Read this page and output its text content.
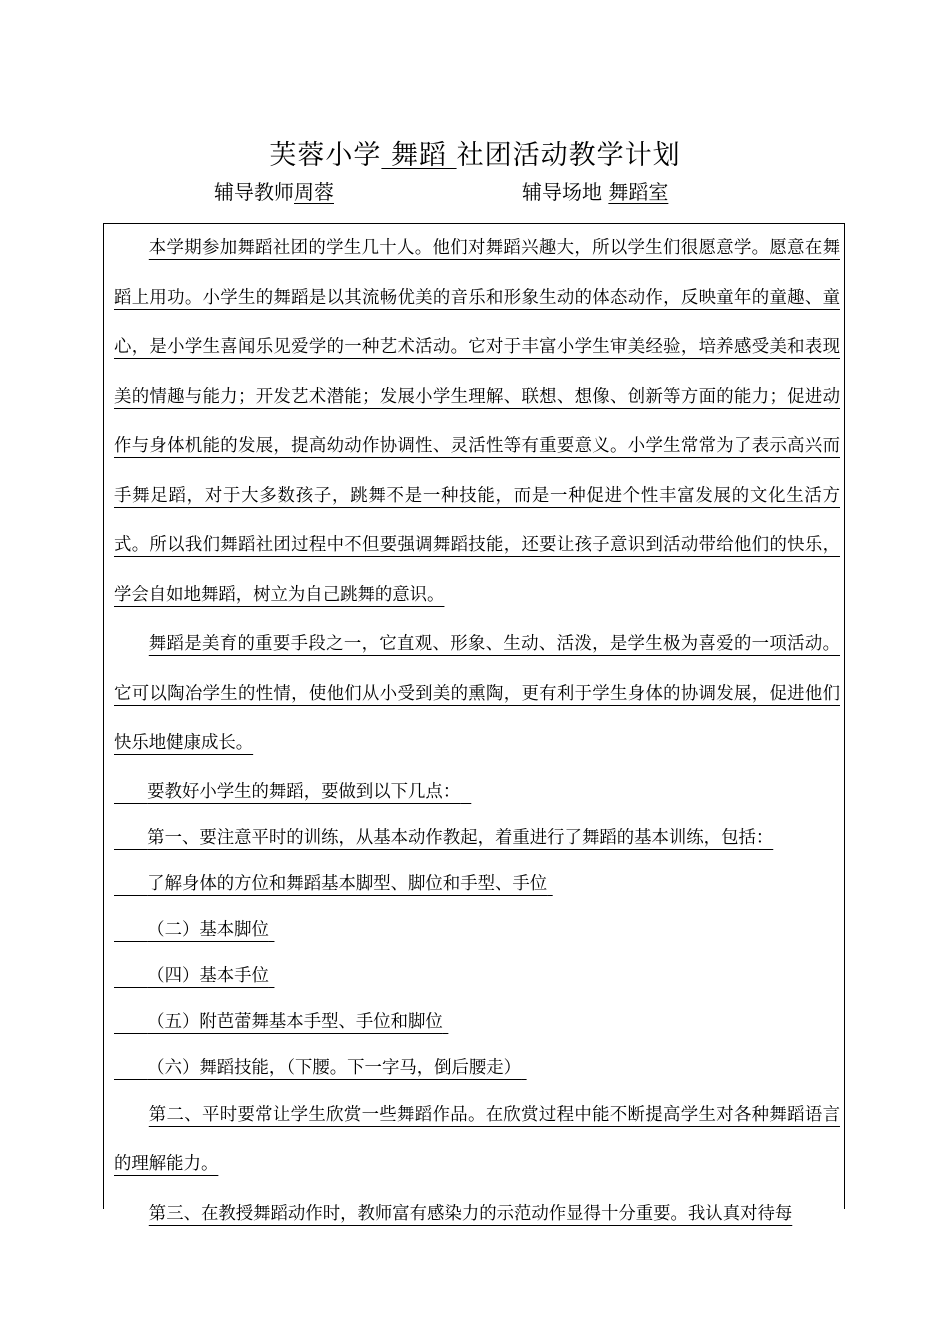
芙蓉小学 舞蹈 社团活动教学计划
辅导教师周蓉	辅导场地 舞蹈室

本学期参加舞蹈社团的学生几十人。他们对舞蹈兴趣大，所以学生们很愿意学。愿意在舞蹈上用功。小学生的舞蹈是以其流畅优美的音乐和形象生动的体态动作，反映童年的童趣、童心，是小学生喜闻乐见爱学的一种艺术活动。它对于丰富小学生审美经验，培养感受美和表现美的情趣与能力；开发艺术潜能；发展小学生理解、联想、想像、创新等方面的能力；促进动作与身体机能的发展，提高幼动作协调性、灵活性等有重要意义。小学生常常为了表示高兴而手舞足蹈，对于大多数孩子，跳舞不是一种技能，而是一种促进个性丰富发展的文化生活方式。所以我们舞蹈社团过程中不但要强调舞蹈技能，还要让孩子意识到活动带给他们的快乐，学会自如地舞蹈，树立为自己跳舞的意识。

舞蹈是美育的重要手段之一，它直观、形象、生动、活泼，是学生极为喜爱的一项活动。它可以陶冶学生的性情，使他们从小受到美的熏陶，更有利于学生身体的协调发展，促进他们快乐地健康成长。

要教好小学生的舞蹈，要做到以下几点：

第一、要注意平时的训练，从基本动作教起，着重进行了舞蹈的基本训练，包括：

了解身体的方位和舞蹈基本脚型、脚位和手型、手位

（二）基本脚位

（四）基本手位

（五）附芭蕾舞基本手型、手位和脚位

（六）舞蹈技能，（下腰。下一字马，倒后腰走）

第二、平时要常让学生欣赏一些舞蹈作品。在欣赏过程中能不断提高学生对各种舞蹈语言的理解能力。

第三、在教授舞蹈动作时，教师富有感染力的示范动作显得十分重要。我认真对待每
